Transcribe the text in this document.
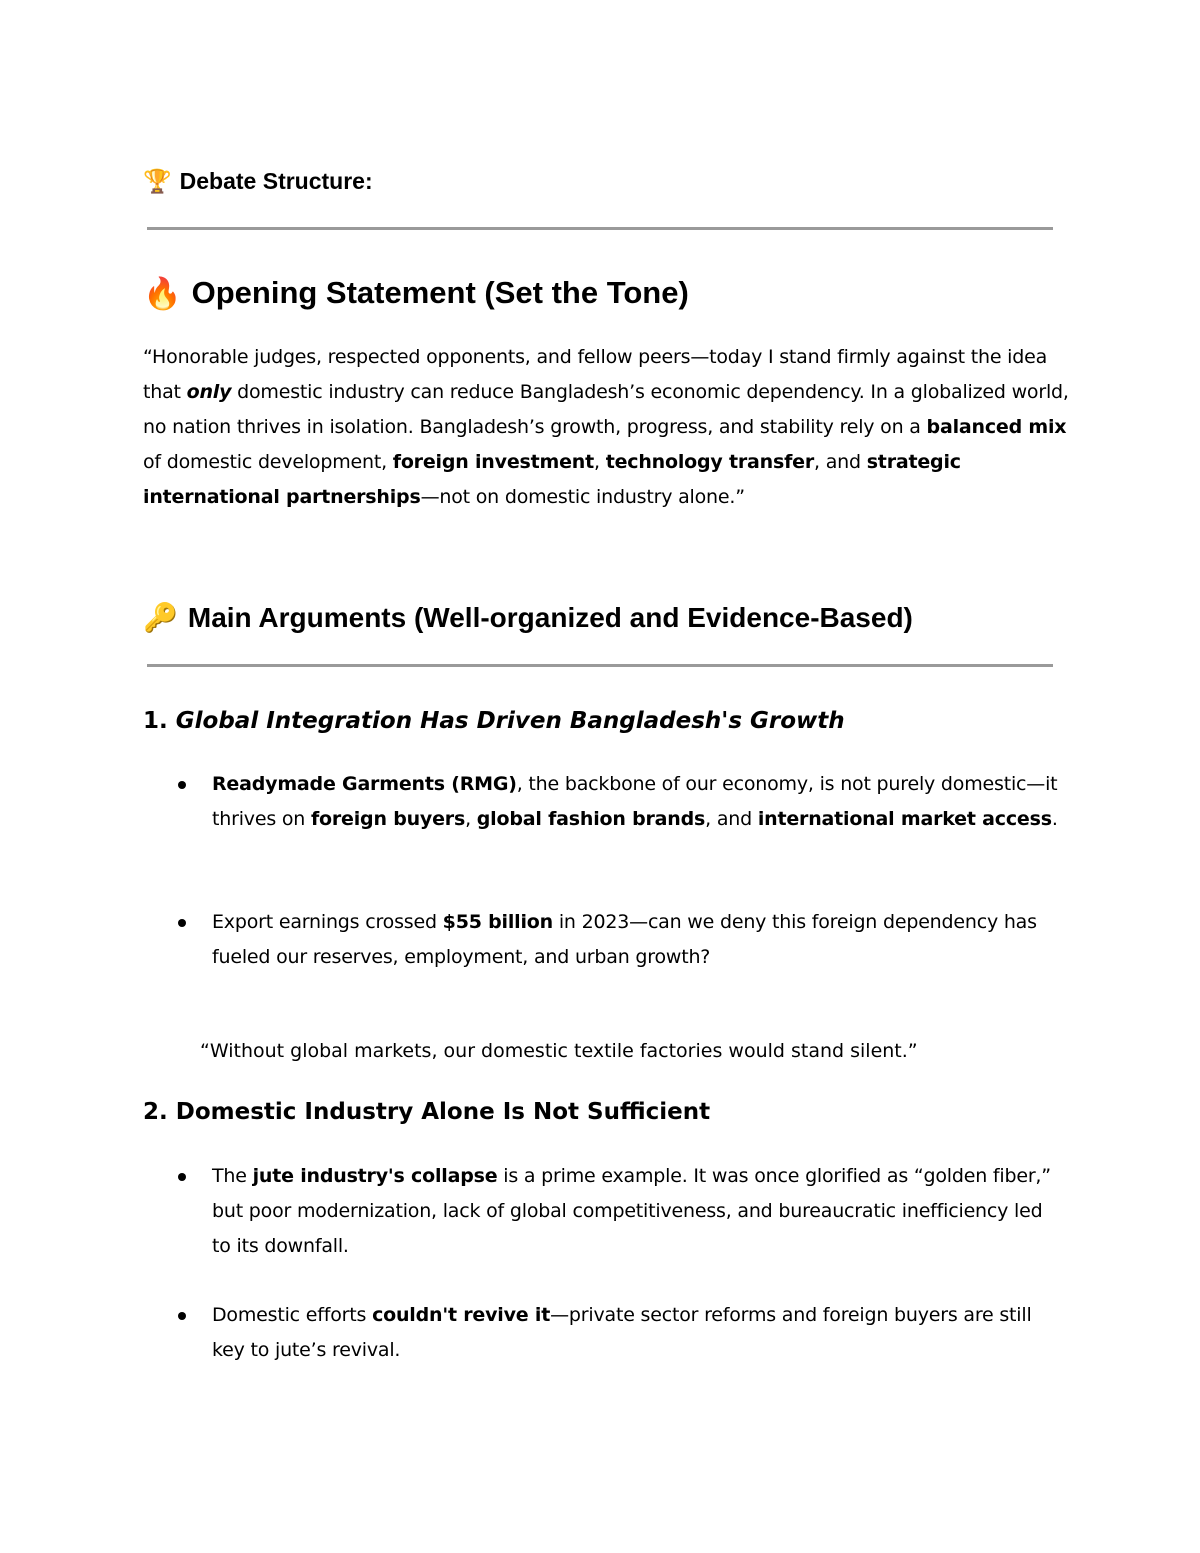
🏆 Debate Structure:
🔥 Opening Statement (Set the Tone)
“Honorable judges, respected opponents, and fellow peers—today I stand firmly against the idea that only domestic industry can reduce Bangladesh’s economic dependency. In a globalized world, no nation thrives in isolation. Bangladesh’s growth, progress, and stability rely on a balanced mix of domestic development, foreign investment, technology transfer, and strategic international partnerships—not on domestic industry alone.”
🔑 Main Arguments (Well-organized and Evidence-Based)
1. Global Integration Has Driven Bangladesh's Growth
Readymade Garments (RMG), the backbone of our economy, is not purely domestic—it thrives on foreign buyers, global fashion brands, and international market access.
Export earnings crossed $55 billion in 2023—can we deny this foreign dependency has fueled our reserves, employment, and urban growth?
“Without global markets, our domestic textile factories would stand silent.”
2. Domestic Industry Alone Is Not Sufficient
The jute industry's collapse is a prime example. It was once glorified as “golden fiber,” but poor modernization, lack of global competitiveness, and bureaucratic inefficiency led to its downfall.
Domestic efforts couldn't revive it—private sector reforms and foreign buyers are still key to jute’s revival.
